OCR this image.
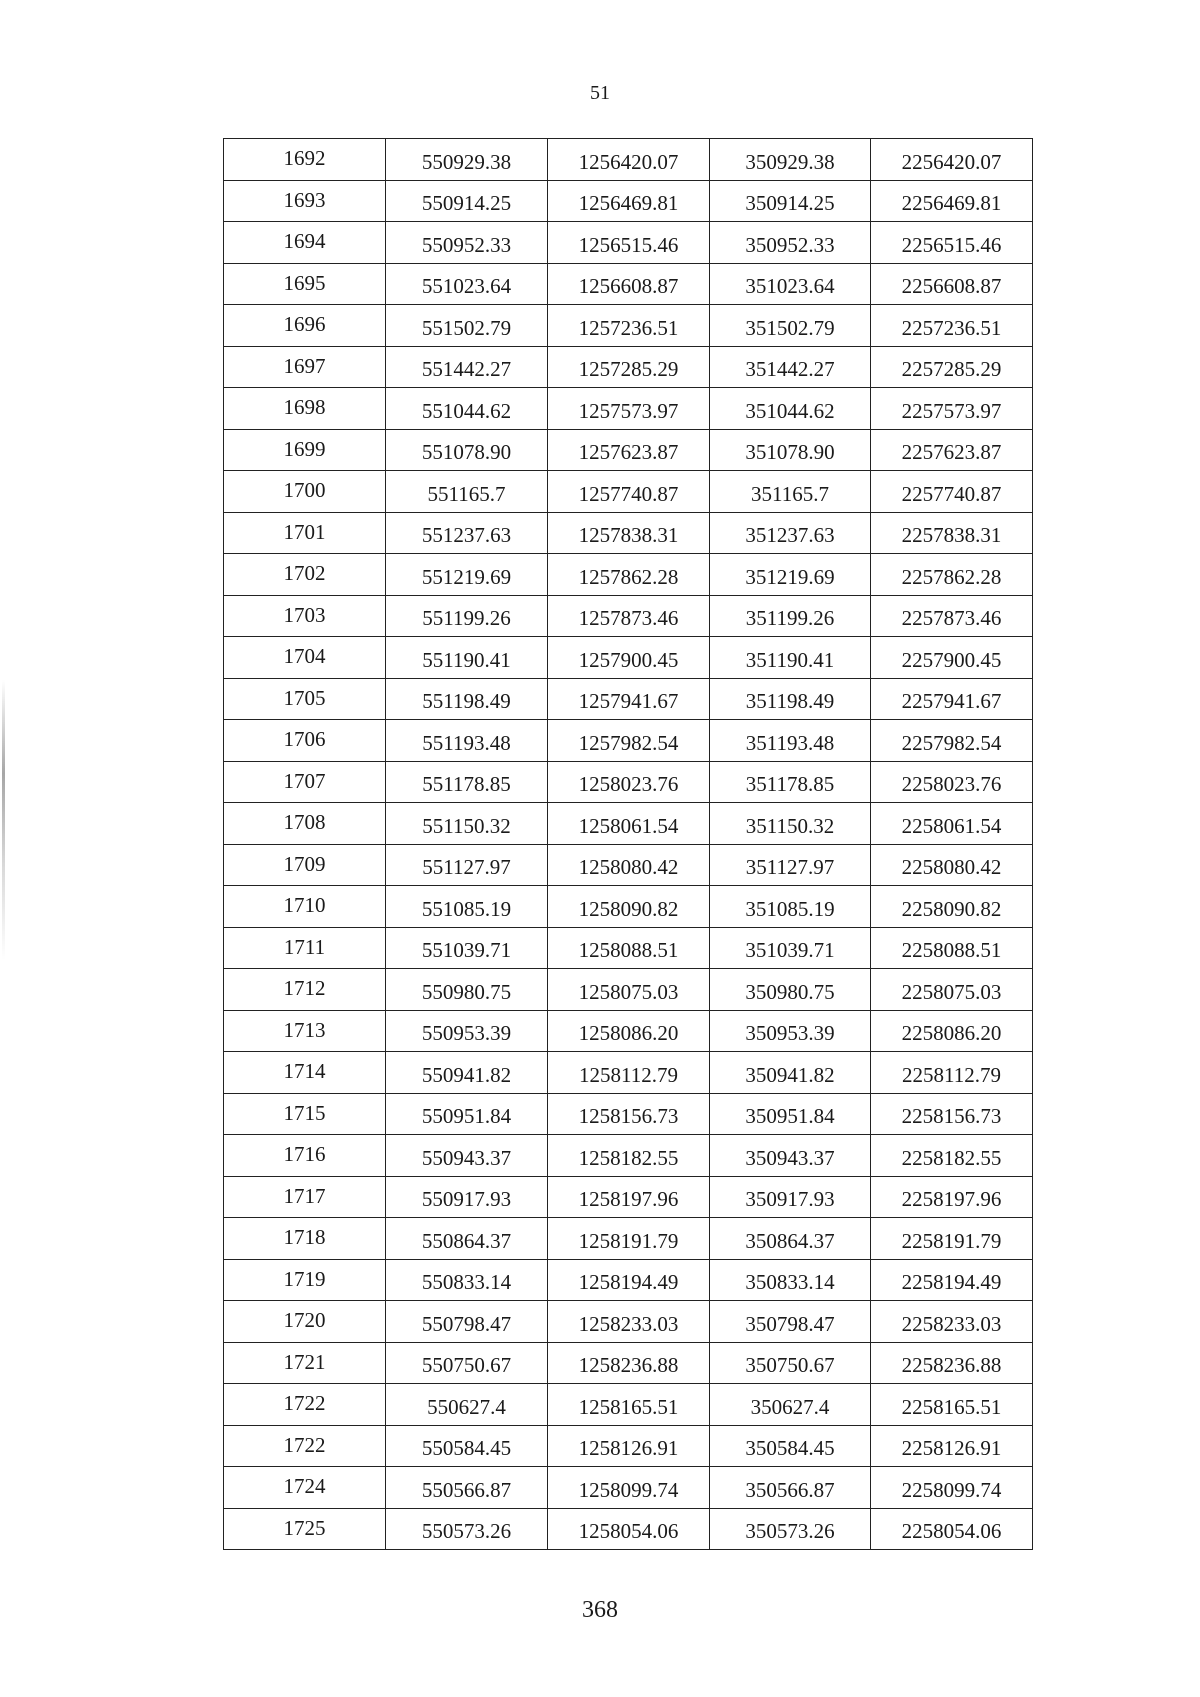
51
1692	550929.38	1256420.07	350929.38	2256420.07
1693	550914.25	1256469.81	350914.25	2256469.81
1694	550952.33	1256515.46	350952.33	2256515.46
1695	551023.64	1256608.87	351023.64	2256608.87
1696	551502.79	1257236.51	351502.79	2257236.51
1697	551442.27	1257285.29	351442.27	2257285.29
1698	551044.62	1257573.97	351044.62	2257573.97
1699	551078.90	1257623.87	351078.90	2257623.87
1700	551165.7	1257740.87	351165.7	2257740.87
1701	551237.63	1257838.31	351237.63	2257838.31
1702	551219.69	1257862.28	351219.69	2257862.28
1703	551199.26	1257873.46	351199.26	2257873.46
1704	551190.41	1257900.45	351190.41	2257900.45
1705	551198.49	1257941.67	351198.49	2257941.67
1706	551193.48	1257982.54	351193.48	2257982.54
1707	551178.85	1258023.76	351178.85	2258023.76
1708	551150.32	1258061.54	351150.32	2258061.54
1709	551127.97	1258080.42	351127.97	2258080.42
1710	551085.19	1258090.82	351085.19	2258090.82
1711	551039.71	1258088.51	351039.71	2258088.51
1712	550980.75	1258075.03	350980.75	2258075.03
1713	550953.39	1258086.20	350953.39	2258086.20
1714	550941.82	1258112.79	350941.82	2258112.79
1715	550951.84	1258156.73	350951.84	2258156.73
1716	550943.37	1258182.55	350943.37	2258182.55
1717	550917.93	1258197.96	350917.93	2258197.96
1718	550864.37	1258191.79	350864.37	2258191.79
1719	550833.14	1258194.49	350833.14	2258194.49
1720	550798.47	1258233.03	350798.47	2258233.03
1721	550750.67	1258236.88	350750.67	2258236.88
1722	550627.4	1258165.51	350627.4	2258165.51
1722	550584.45	1258126.91	350584.45	2258126.91
1724	550566.87	1258099.74	350566.87	2258099.74
1725	550573.26	1258054.06	350573.26	2258054.06
368
